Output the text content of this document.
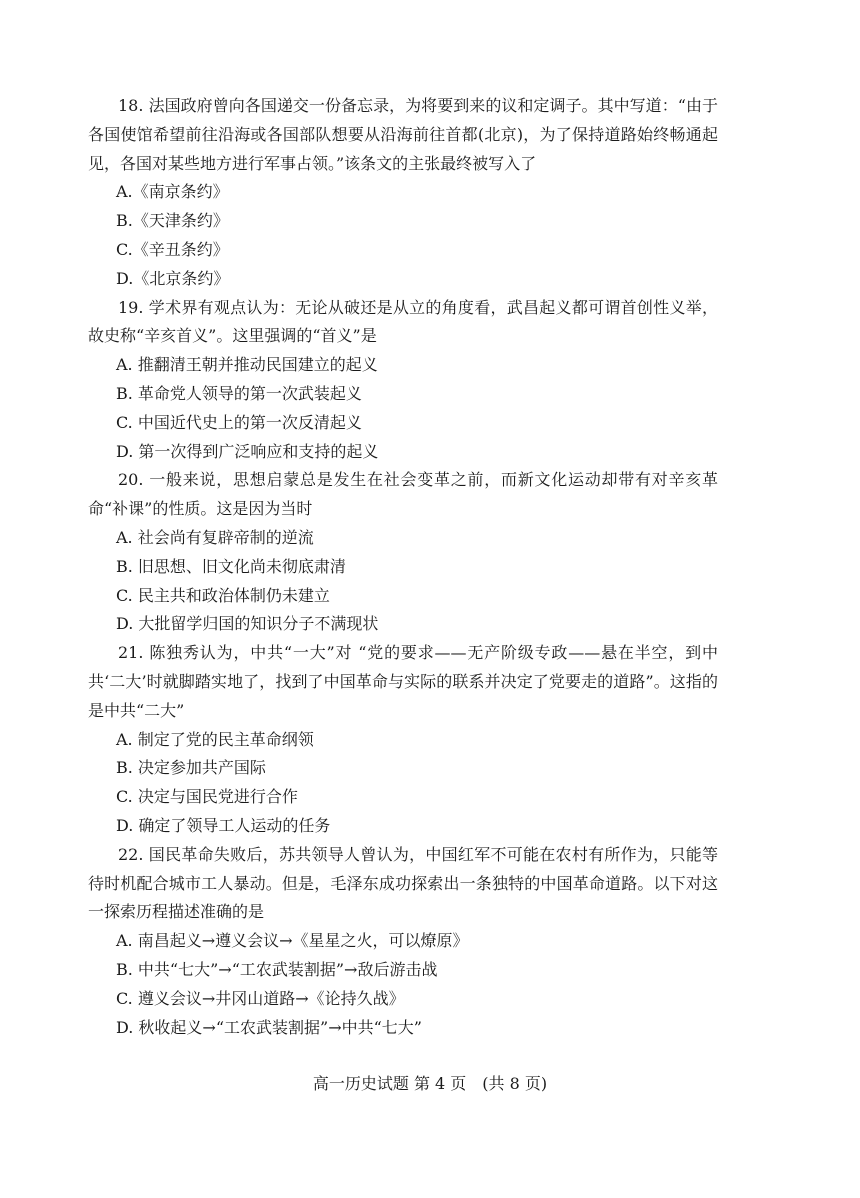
18. 法国政府曾向各国递交一份备忘录，为将要到来的议和定调子。其中写道：“由于各国使馆希望前往沿海或各国部队想要从沿海前往首都(北京)，为了保持道路始终畅通起见，各国对某些地方进行军事占领。”该条文的主张最终被写入了

A.《南京条约》
B.《天津条约》
C.《辛丑条约》
D.《北京条约》

19. 学术界有观点认为：无论从破还是从立的角度看，武昌起义都可谓首创性义举，故史称“辛亥首义”。这里强调的“首义”是

A. 推翻清王朝并推动民国建立的起义
B. 革命党人领导的第一次武装起义
C. 中国近代史上的第一次反清起义
D. 第一次得到广泛响应和支持的起义

20. 一般来说，思想启蒙总是发生在社会变革之前，而新文化运动却带有对辛亥革命“补课”的性质。这是因为当时

A. 社会尚有复辟帝制的逆流
B. 旧思想、旧文化尚未彻底肃清
C. 民主共和政治体制仍未建立
D. 大批留学归国的知识分子不满现状

21. 陈独秀认为，中共“一大”对 “党的要求——无产阶级专政——悬在半空，到中共‘二大’时就脚踏实地了，找到了中国革命与实际的联系并决定了党要走的道路”。这指的是中共“二大”

A. 制定了党的民主革命纲领
B. 决定参加共产国际
C. 决定与国民党进行合作
D. 确定了领导工人运动的任务

22. 国民革命失败后，苏共领导人曾认为，中国红军不可能在农村有所作为，只能等待时机配合城市工人暴动。但是，毛泽东成功探索出一条独特的中国革命道路。以下对这一探索历程描述准确的是

A. 南昌起义→遵义会议→《星星之火，可以燎原》
B. 中共“七大”→“工农武装割据”→敌后游击战
C. 遵义会议→井冈山道路→《论持久战》
D. 秋收起义→“工农武装割据”→中共“七大”
高一历史试题 第 4 页　(共 8 页)
